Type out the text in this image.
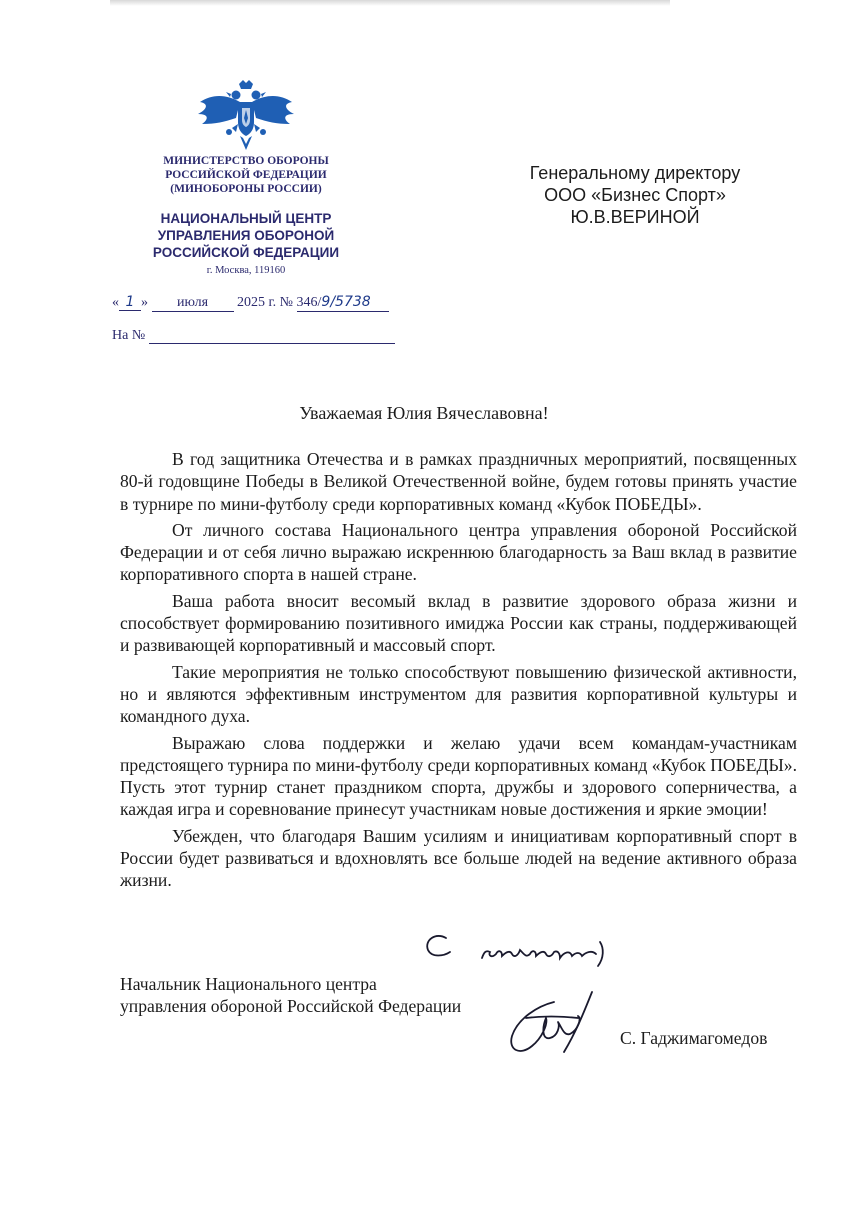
МИНИСТЕРСТВО ОБОРОНЫ
РОССИЙСКОЙ ФЕДЕРАЦИИ
(МИНОБОРОНЫ РОССИИ)
НАЦИОНАЛЬНЫЙ ЦЕНТР
УПРАВЛЕНИЯ ОБОРОНОЙ
РОССИЙСКОЙ ФЕДЕРАЦИИ
г. Москва, 119160
« 1 » июля 2025 г. № 346/9/5738
На №
Генеральному директору
ООО «Бизнес Спорт»
Ю.В.ВЕРИНОЙ
Уважаемая Юлия Вячеславовна!

В год защитника Отечества и в рамках праздничных мероприятий, посвященных 80-й годовщине Победы в Великой Отечественной войне, будем готовы принять участие в турнире по мини-футболу среди корпоративных команд «Кубок ПОБЕДЫ».

От личного состава Национального центра управления обороной Российской Федерации и от себя лично выражаю искреннюю благодарность за Ваш вклад в развитие корпоративного спорта в нашей стране.

Ваша работа вносит весомый вклад в развитие здорового образа жизни и способствует формированию позитивного имиджа России как страны, поддерживающей и развивающей корпоративный и массовый спорт.

Такие мероприятия не только способствуют повышению физической активности, но и являются эффективным инструментом для развития корпоративной культуры и командного духа.

Выражаю слова поддержки и желаю удачи всем командам-участникам предстоящего турнира по мини-футболу среди корпоративных команд «Кубок ПОБЕДЫ». Пусть этот турнир станет праздником спорта, дружбы и здорового соперничества, а каждая игра и соревнование принесут участникам новые достижения и яркие эмоции!

Убежден, что благодаря Вашим усилиям и инициативам корпоративный спорт в России будет развиваться и вдохновлять все больше людей на ведение активного образа жизни.

Начальник Национального центра
управления обороной Российской Федерации
С. Гаджимагомедов
